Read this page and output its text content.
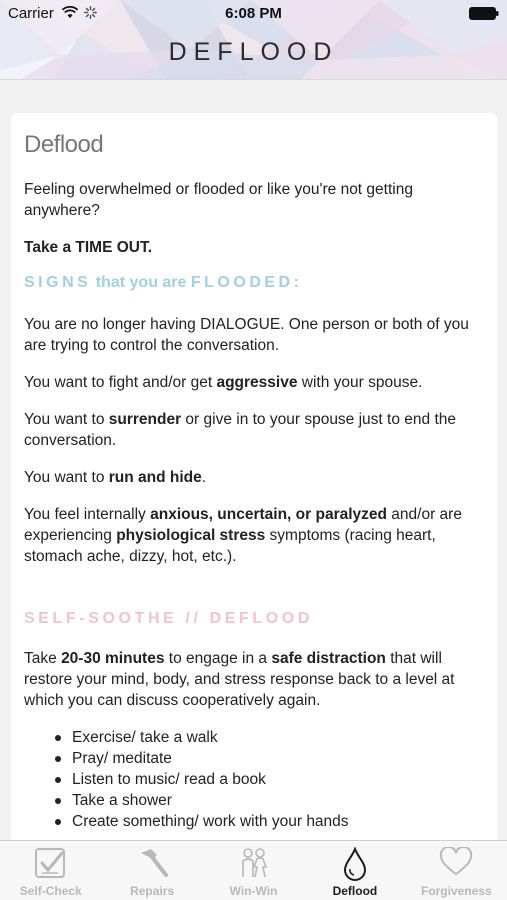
Carrier	6:08 PM
DEFLOOD
Deflood

Feeling overwhelmed or flooded or like you're not getting anywhere?

Take a TIME OUT.

SIGNS that you are FLOODED:

You are no longer having DIALOGUE. One person or both of you are trying to control the conversation.

You want to fight and/or get aggressive with your spouse.

You want to surrender or give in to your spouse just to end the conversation.

You want to run and hide.

You feel internally anxious, uncertain, or paralyzed and/or are experiencing physiological stress symptoms (racing heart, stomach ache, dizzy, hot, etc.).

SELF-SOOTHE // DEFLOOD

Take 20-30 minutes to engage in a safe distraction that will restore your mind, body, and stress response back to a level at which you can discuss cooperatively again.

Exercise/ take a walk
Pray/ meditate
Listen to music/ read a book
Take a shower
Create something/ work with your hands
Self-Check	Repairs	Win-Win	Deflood	Forgiveness
